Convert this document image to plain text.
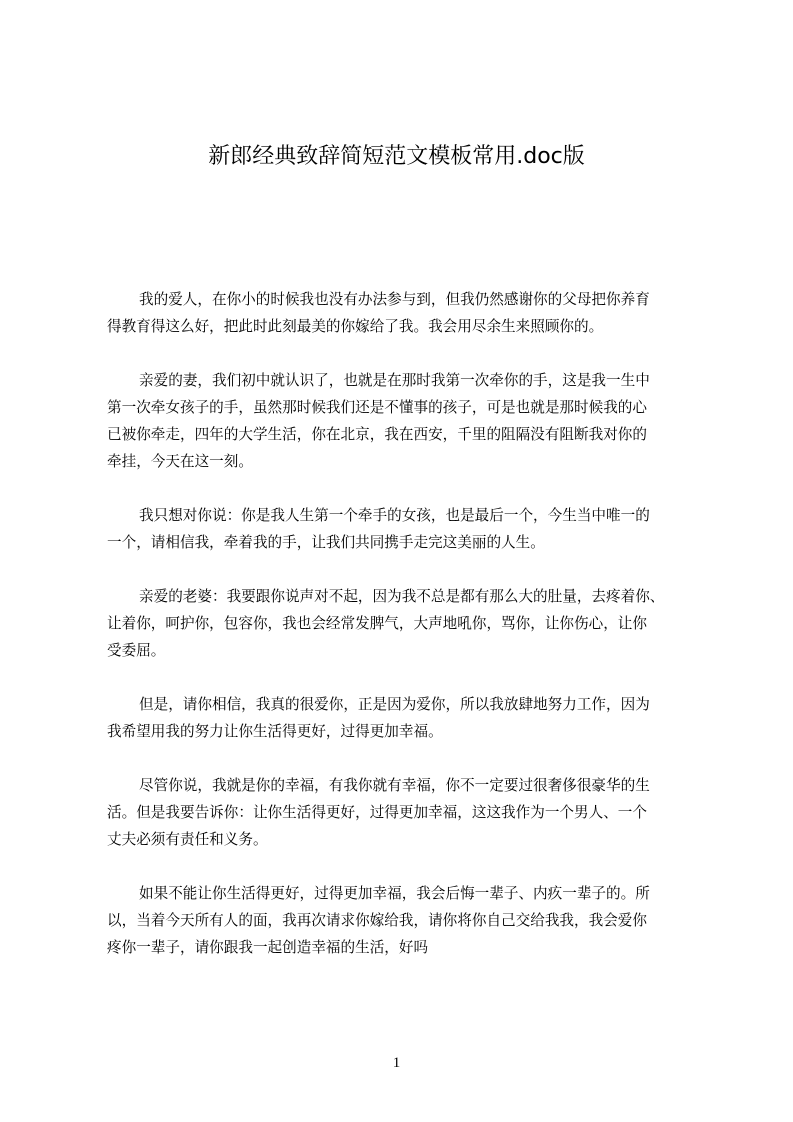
新郎经典致辞简短范文模板常用.doc版
我的爱人，在你小的时候我也没有办法参与到，但我仍然感谢你的父母把你养育
得教育得这么好，把此时此刻最美的你嫁给了我。我会用尽余生来照顾你的。
亲爱的妻，我们初中就认识了，也就是在那时我第一次牵你的手，这是我一生中
第一次牵女孩子的手，虽然那时候我们还是不懂事的孩子，可是也就是那时候我的心
已被你牵走，四年的大学生活，你在北京，我在西安，千里的阻隔没有阻断我对你的
牵挂，今天在这一刻。
我只想对你说：你是我人生第一个牵手的女孩，也是最后一个，今生当中唯一的
一个，请相信我，牵着我的手，让我们共同携手走完这美丽的人生。
亲爱的老婆：我要跟你说声对不起，因为我不总是都有那么大的肚量，去疼着你、
让着你，呵护你，包容你，我也会经常发脾气，大声地吼你，骂你，让你伤心，让你
受委屈。
但是，请你相信，我真的很爱你，正是因为爱你，所以我放肆地努力工作，因为
我希望用我的努力让你生活得更好，过得更加幸福。
尽管你说，我就是你的幸福，有我你就有幸福，你不一定要过很奢侈很豪华的生
活。但是我要告诉你：让你生活得更好，过得更加幸福，这这我作为一个男人、一个
丈夫必须有责任和义务。
如果不能让你生活得更好，过得更加幸福，我会后悔一辈子、内疚一辈子的。所
以，当着今天所有人的面，我再次请求你嫁给我，请你将你自己交给我我，我会爱你
疼你一辈子，请你跟我一起创造幸福的生活，好吗
1
